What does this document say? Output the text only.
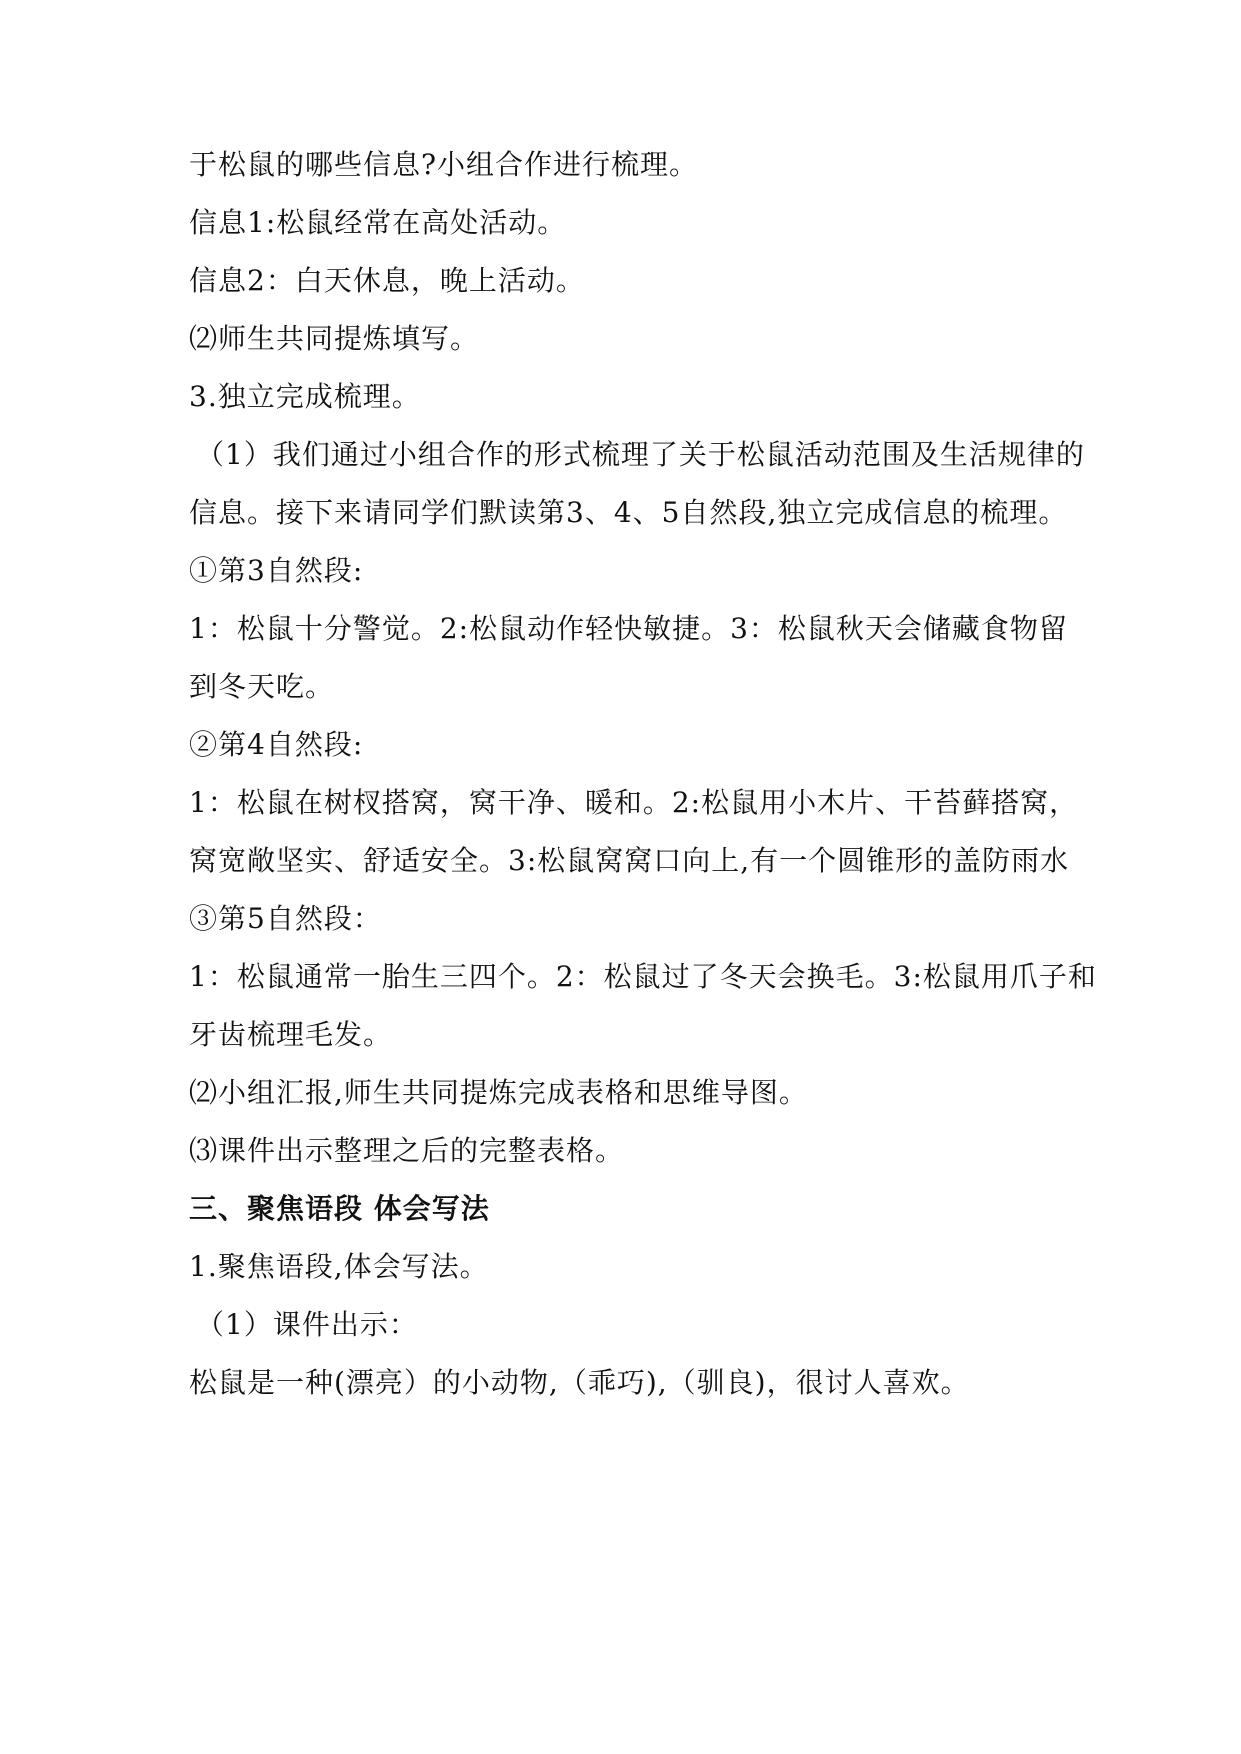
于松鼠的哪些信息?小组合作进行梳理。
信息1:松鼠经常在高处活动。
信息2：白天休息，晚上活动。
⑵师生共同提炼填写。
3.独立完成梳理。
（1）我们通过小组合作的形式梳理了关于松鼠活动范围及生活规律的
信息。接下来请同学们默读第3、4、5自然段,独立完成信息的梳理。
①第3自然段:
1：松鼠十分警觉。2:松鼠动作轻快敏捷。3：松鼠秋天会储藏食物留
到冬天吃。
②第4自然段:
1：松鼠在树杈搭窝，窝干净、暖和。2:松鼠用小木片、干苔藓搭窝，
窝宽敞坚实、舒适安全。3:松鼠窝窝口向上,有一个圆锥形的盖防雨水
③第5自然段：
1：松鼠通常一胎生三四个。2：松鼠过了冬天会换毛。3:松鼠用爪子和
牙齿梳理毛发。
⑵小组汇报,师生共同提炼完成表格和思维导图。
⑶课件出示整理之后的完整表格。
三、聚焦语段 体会写法
1.聚焦语段,体会写法。
（1）课件出示：
松鼠是一种(漂亮）的小动物,（乖巧),（驯良)，很讨人喜欢。
